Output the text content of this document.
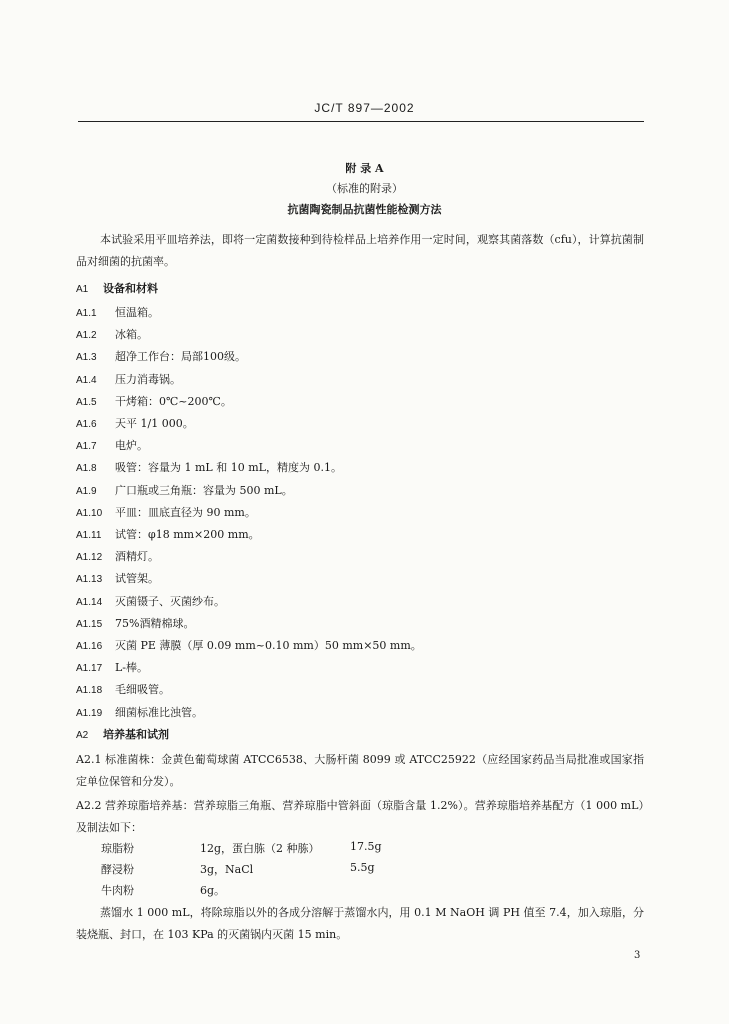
JC/T 897—2002
附 录 A
（标准的附录）
抗菌陶瓷制品抗菌性能检测方法
本试验采用平皿培养法，即将一定菌数接种到待检样品上培养作用一定时间，观察其菌落数（cfu），计算抗菌制品对细菌的抗菌率。
A1 设备和材料
A1.1 恒温箱。
A1.2 冰箱。
A1.3 超净工作台：局部100级。
A1.4 压力消毒锅。
A1.5 干烤箱：0℃~200℃。
A1.6 天平 1/1 000。
A1.7 电炉。
A1.8 吸管：容量为 1 mL 和 10 mL，精度为 0.1。
A1.9 广口瓶或三角瓶：容量为 500 mL。
A1.10 平皿：皿底直径为 90 mm。
A1.11 试管：φ18 mm×200 mm。
A1.12 酒精灯。
A1.13 试管架。
A1.14 灭菌镊子、灭菌纱布。
A1.15 75%酒精棉球。
A1.16 灭菌 PE 薄膜（厚 0.09 mm~0.10 mm）50 mm×50 mm。
A1.17 L-棒。
A1.18 毛细吸管。
A1.19 细菌标准比浊管。
A2 培养基和试剂
A2.1 标准菌株：金黄色葡萄球菌 ATCC6538、大肠杆菌 8099 或 ATCC25922（应经国家药品当局批准或国家指定单位保管和分发）。
A2.2 营养琼脂培养基：营养琼脂三角瓶、营养琼脂中管斜面（琼脂含量 1.2%）。营养琼脂培养基配方（1 000 mL）及制法如下：
琼脂粉	12g，蛋白胨（2 种胨）	17.5g
酵浸粉	3g，NaCl	5.5g
牛肉粉	6g。
蒸馏水 1 000 mL，将除琼脂以外的各成分溶解于蒸馏水内，用 0.1 M NaOH 调 PH 值至 7.4，加入琼脂，分装烧瓶、封口，在 103 KPa 的灭菌锅内灭菌 15 min。
3
